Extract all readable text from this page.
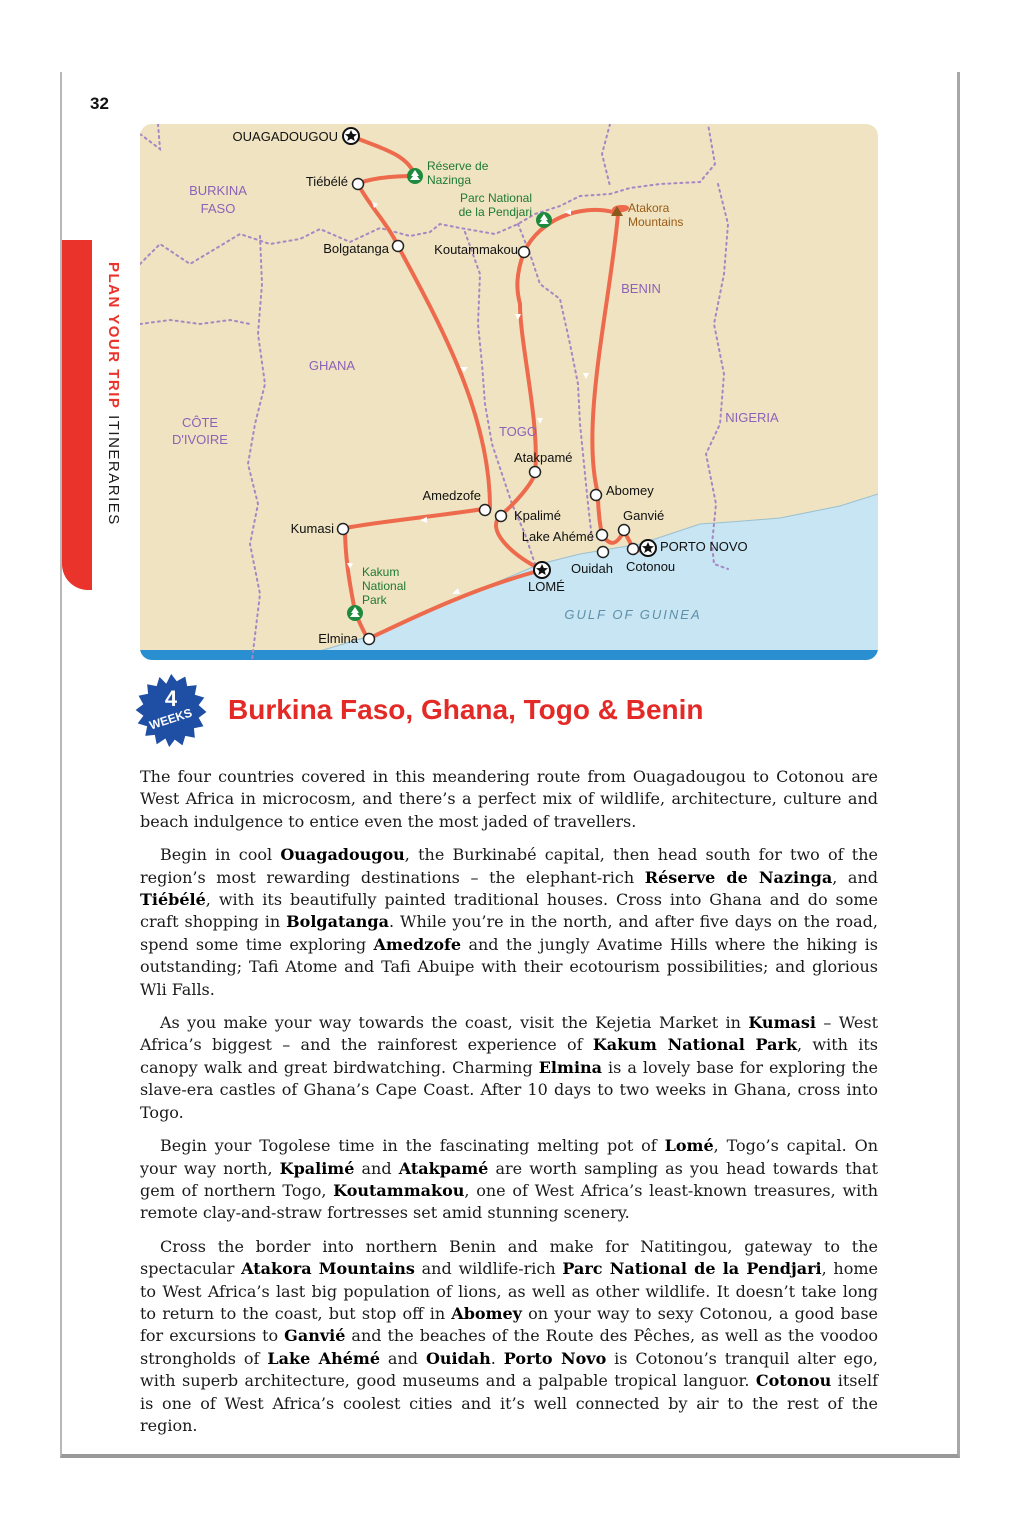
32
PLAN YOUR TRIP ITINERARIES
BURKINA
FASO
GHANA
TOGO
BENIN
NIGERIA
CÔTE
D'IVOIRE
OUAGADOUGOU
Tiébélé
Bolgatanga	Koutammakou
Atakpamé
Abomey
Amedzofe
Kpalimé
Kumasi
Lake Ahémé
Ganvié
PORTO NOVO
Ouidah Cotonou
LOMÉ
Elmina
Réserve de
Nazinga
Parc National
de la Pendjari	Atakora
Mountains
Kakum
National
Park
GULF OF GUINEA
4
WEEKS Burkina Faso, Ghana, Togo & Benin

The four countries covered in this meandering route from Ouagadougou to Cotonou are West Africa in microcosm, and there’s a perfect mix of wildlife, architecture, culture and beach indulgence to entice even the most jaded of travellers.

Begin in cool Ouagadougou, the Burkinabé capital, then head south for two of the region’s most rewarding destinations – the elephant-rich Réserve de Nazinga, and Tiébélé, with its beautifully painted traditional houses. Cross into Ghana and do some craft shopping in Bolgatanga. While you’re in the north, and after five days on the road, spend some time exploring Amedzofe and the jungly Avatime Hills where the hiking is outstanding; Tafi Atome and Tafi Abuipe with their ecotourism possibilities; and glorious Wli Falls.

As you make your way towards the coast, visit the Kejetia Market in Kumasi – West Africa’s biggest – and the rainforest experience of Kakum National Park, with its canopy walk and great birdwatching. Charming Elmina is a lovely base for exploring the slave-era castles of Ghana’s Cape Coast. After 10 days to two weeks in Ghana, cross into Togo.

Begin your Togolese time in the fascinating melting pot of Lomé, Togo’s capital. On your way north, Kpalimé and Atakpamé are worth sampling as you head towards that gem of northern Togo, Koutammakou, one of West Africa’s least-known treasures, with remote clay-and-straw fortresses set amid stunning scenery.

Cross the border into northern Benin and make for Natitingou, gateway to the spectacular Atakora Mountains and wildlife-rich Parc National de la Pendjari, home to West Africa’s last big population of lions, as well as other wildlife. It doesn’t take long to return to the coast, but stop off in Abomey on your way to sexy Cotonou, a good base for excursions to Ganvié and the beaches of the Route des Pêches, as well as the voodoo strongholds of Lake Ahémé and Ouidah. Porto Novo is Cotonou’s tranquil alter ego, with superb architecture, good museums and a palpable tropical languor. Cotonou itself is one of West Africa’s coolest cities and it’s well connected by air to the rest of the region.
